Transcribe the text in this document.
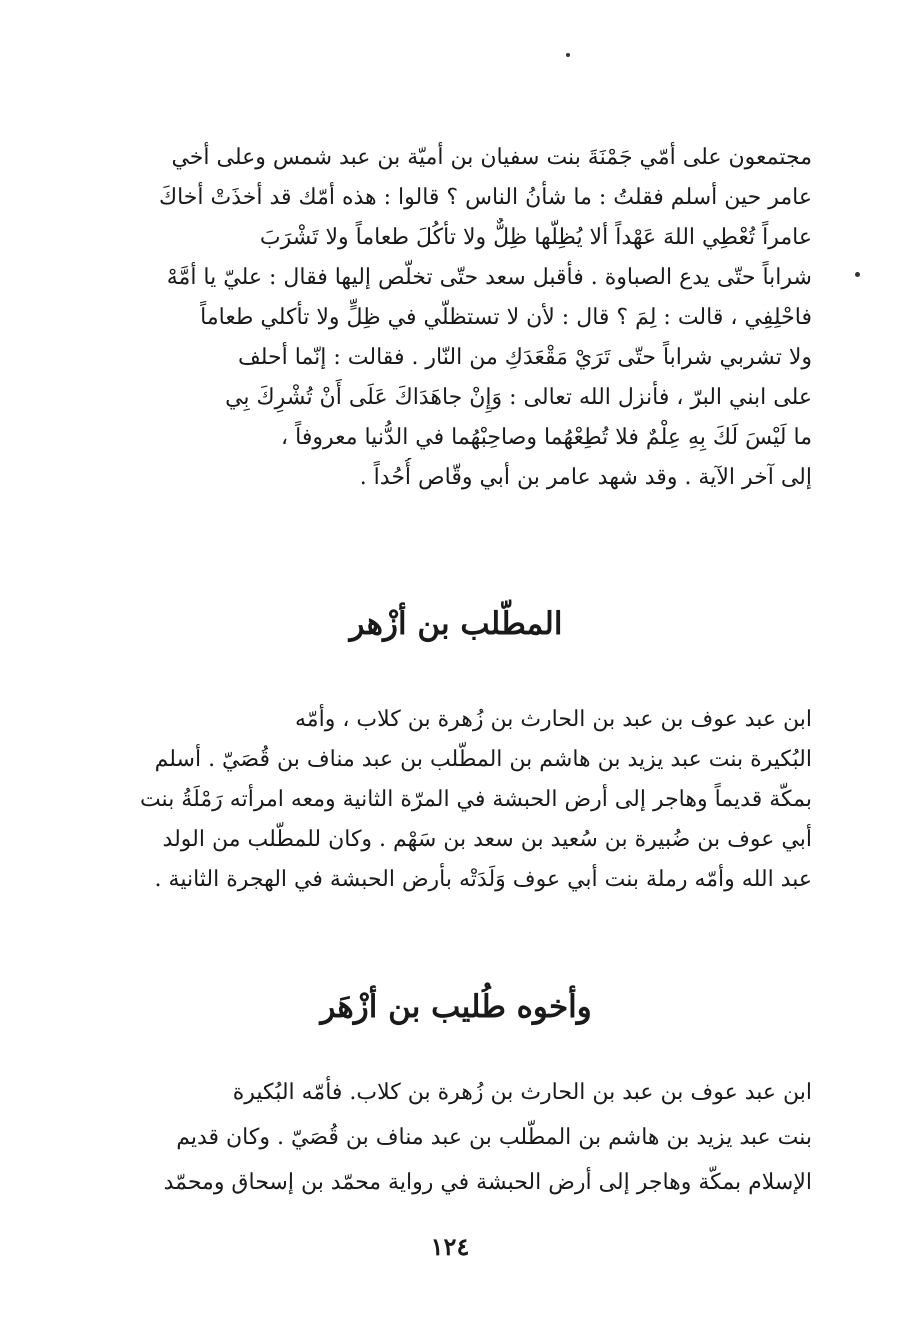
مجتمعون على أمّي جَمْنَةَ بنت سفيان بن أميّة بن عبد شمس وعلى أخي
عامر حين أسلم فقلتُ : ما شأنُ الناس ؟ قالوا : هذه أمّك قد أخذَتْ أخاكَ
عامراً تُعْطِي اللهَ عَهْداً ألا يُظِلّها ظِلٌّ ولا تأكُلَ طعاماً ولا تَشْرَبَ
شراباً حتّى يدع الصباوة . فأقبل سعد حتّى تخلّص إليها فقال : عليّ يا أمَّهْ
فاحْلِفِي ، قالت : لِمَ ؟ قال : لأن لا تستظلّي في ظِلٍّ ولا تأكلي طعاماً
ولا تشربي شراباً حتّى تَرَيْ مَقْعَدَكِ من النّار . فقالت : إنّما أحلف
على ابني البرّ ، فأنزل الله تعالى : وَإِنْ جاهَدَاكَ عَلَى أَنْ تُشْرِكَ بِي
ما لَيْسَ لَكَ بِهِ عِلْمٌ فلا تُطِعْهُما وصاحِبْهُما في الدُّنيا معروفاً ،
إلى آخر الآية . وقد شهد عامر بن أبي وقّاص أُحُداً .
المطّلب بن أزْهر
ابن عبد عوف بن عبد بن الحارث بن زُهرة بن كلاب ، وأمّه
البُكيرة بنت عبد يزيد بن هاشم بن المطّلب بن عبد مناف بن قُصَيّ . أسلم
بمكّة قديماً وهاجر إلى أرض الحبشة في المرّة الثانية ومعه امرأته رَمْلَةُ بنت
أبي عوف بن ضُبيرة بن سُعيد بن سعد بن سَهْم . وكان للمطّلب من الولد
عبد الله وأمّه رملة بنت أبي عوف وَلَدَتْه بأرض الحبشة في الهجرة الثانية .
وأخوه طُليب بن أزْهَر
ابن عبد عوف بن عبد بن الحارث بن زُهرة بن كلاب. فأمّه البُكيرة
بنت عبد يزيد بن هاشم بن المطّلب بن عبد مناف بن قُصَيّ . وكان قديم
الإسلام بمكّة وهاجر إلى أرض الحبشة في رواية محمّد بن إسحاق ومحمّد
١٢٤
